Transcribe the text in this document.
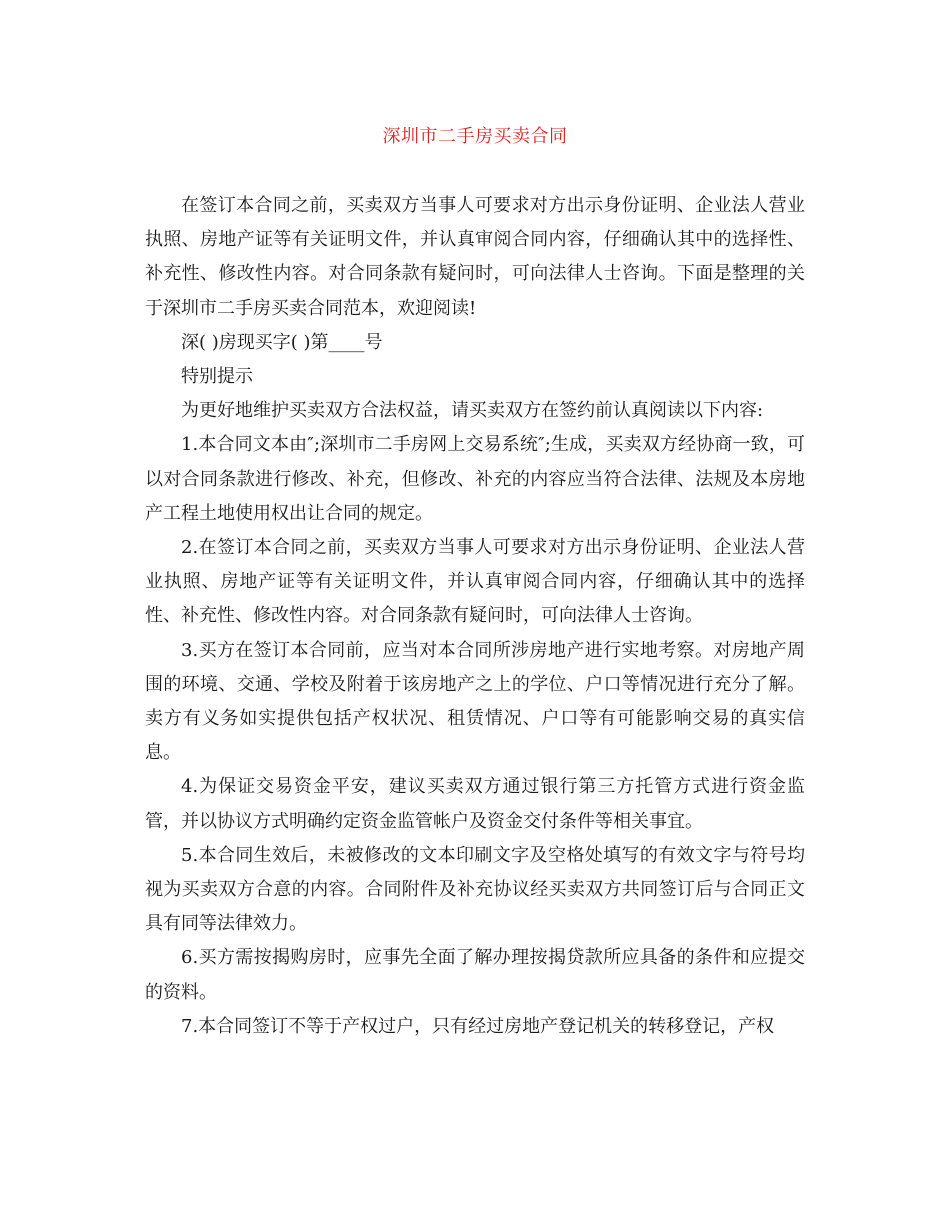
深圳市二手房买卖合同

在签订本合同之前，买卖双方当事人可要求对方出示身份证明、企业法人营业执照、房地产证等有关证明文件，并认真审阅合同内容，仔细确认其中的选择性、补充性、修改性内容。对合同条款有疑问时，可向法律人士咨询。下面是整理的关于深圳市二手房买卖合同范本，欢迎阅读!

深( )房现买字( )第____号

特别提示

为更好地维护买卖双方合法权益，请买卖双方在签约前认真阅读以下内容:

1.本合同文本由″;深圳市二手房网上交易系统″;生成，买卖双方经协商一致，可以对合同条款进行修改、补充，但修改、补充的内容应当符合法律、法规及本房地产工程土地使用权出让合同的规定。

2.在签订本合同之前，买卖双方当事人可要求对方出示身份证明、企业法人营业执照、房地产证等有关证明文件，并认真审阅合同内容，仔细确认其中的选择性、补充性、修改性内容。对合同条款有疑问时，可向法律人士咨询。

3.买方在签订本合同前，应当对本合同所涉房地产进行实地考察。对房地产周围的环境、交通、学校及附着于该房地产之上的学位、户口等情况进行充分了解。卖方有义务如实提供包括产权状况、租赁情况、户口等有可能影响交易的真实信息。

4.为保证交易资金平安，建议买卖双方通过银行第三方托管方式进行资金监管，并以协议方式明确约定资金监管帐户及资金交付条件等相关事宜。

5.本合同生效后，未被修改的文本印刷文字及空格处填写的有效文字与符号均视为买卖双方合意的内容。合同附件及补充协议经买卖双方共同签订后与合同正文具有同等法律效力。

6.买方需按揭购房时，应事先全面了解办理按揭贷款所应具备的条件和应提交的资料。

7.本合同签订不等于产权过户，只有经过房地产登记机关的转移登记，产权
